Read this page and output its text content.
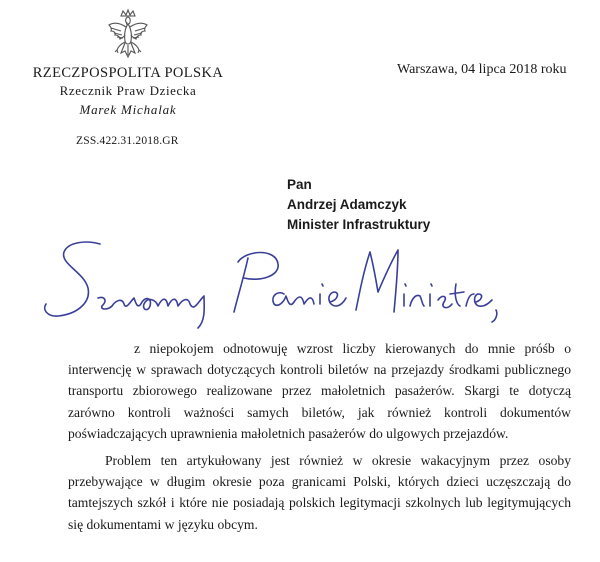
RZECZPOSPOLITA POLSKA
Rzecznik Praw Dziecka
Marek Michalak
ZSS.422.31.2018.GR
Warszawa, 04 lipca 2018 roku
Pan
Andrzej Adamczyk
Minister Infrastruktury

z niepokojem odnotowuję wzrost liczby kierowanych do mnie próśb o interwencję w sprawach dotyczących kontroli biletów na przejazdy środkami publicznego transportu zbiorowego realizowane przez małoletnich pasażerów. Skargi te dotyczą zarówno kontroli ważności samych biletów, jak również kontroli dokumentów poświadczających uprawnienia małoletnich pasażerów do ulgowych przejazdów.

Problem ten artykułowany jest również w okresie wakacyjnym przez osoby przebywające w długim okresie poza granicami Polski, których dzieci uczęszczają do tamtejszych szkół i które nie posiadają polskich legitymacji szkolnych lub legitymujących się dokumentami w języku obcym.
